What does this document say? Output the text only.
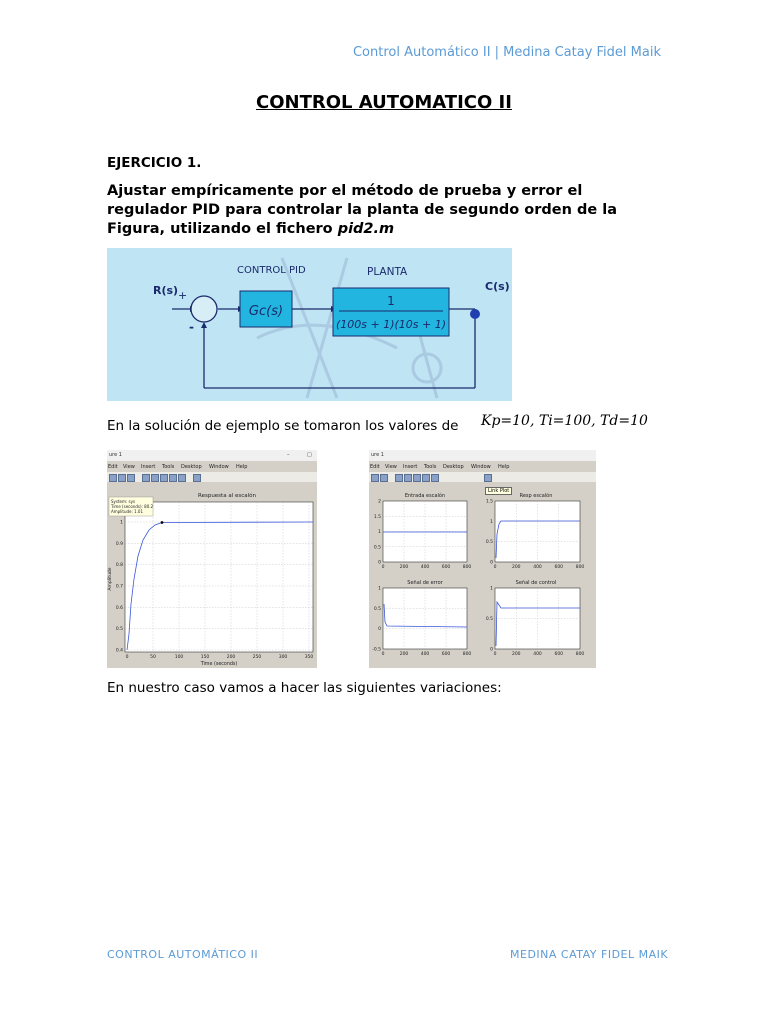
Control Automático II | Medina Catay Fidel Maik
CONTROL AUTOMATICO II
EJERCICIO 1.
Ajustar empíricamente por el método de prueba y error el regulador PID para controlar la planta de segundo orden de la Figura, utilizando el fichero pid2.m
R(s) +
-
Gc(s)
CONTROL PID
1
(100s + 1)(10s + 1)
PLANTA
C(s)
En la solución de ejemplo se tomaron los valores de Kp=10, Ti=100, Td=10
ure 1	–	□
Edit View Insert Tools Desktop Window Help
Respuesta al escalón
1
0.9
0.8
0.7
0.6
0.5
0.4
0	50	100	150	200	250	300	350
System: sys
Time (seconds): 80.2
Amplitude: 1.01
Time (seconds)
Amplitude
ure 1
Edit View Insert Tools Desktop Window Help
Link Plot
Entrada escalón	Resp escalón
Señal de error	Señal de control
2
1.5
1
0.5
0
0	200	400	600	800
1.5
1
0.5
0
0	200	400	600	800
1
0.5
0
-0.5
0	200	400	600	800
1
0.5
0
0	200	400	600	800
En nuestro caso vamos a hacer las siguientes variaciones:
CONTROL AUTOMÁTICO II	MEDINA CATAY FIDEL MAIK
